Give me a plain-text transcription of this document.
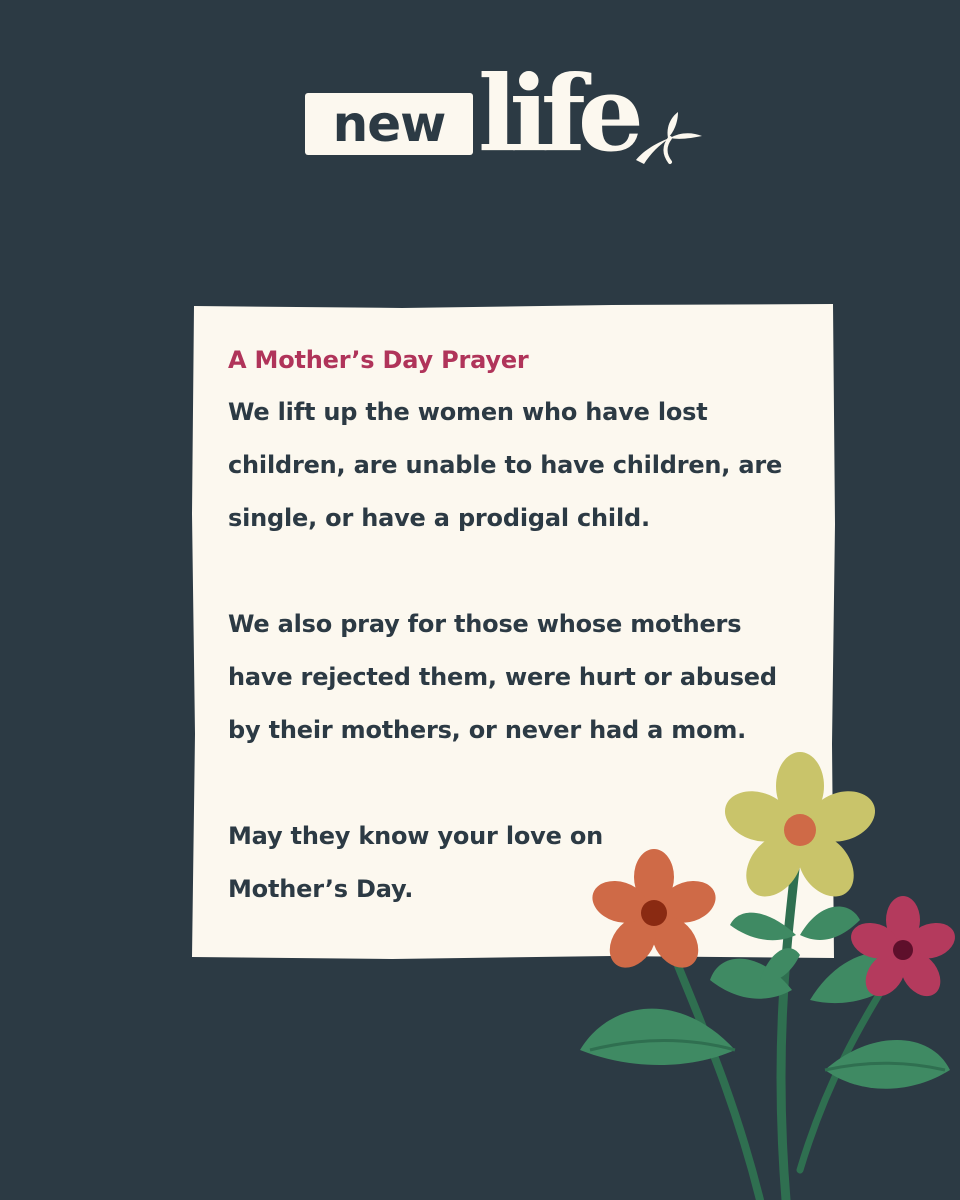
new life
A Mother’s Day Prayer
We lift up the women who have lost
children, are unable to have children, are
single, or have a prodigal child.
We also pray for those whose mothers
have rejected them, were hurt or abused
by their mothers, or never had a mom.
May they know your love on
Mother’s Day.
